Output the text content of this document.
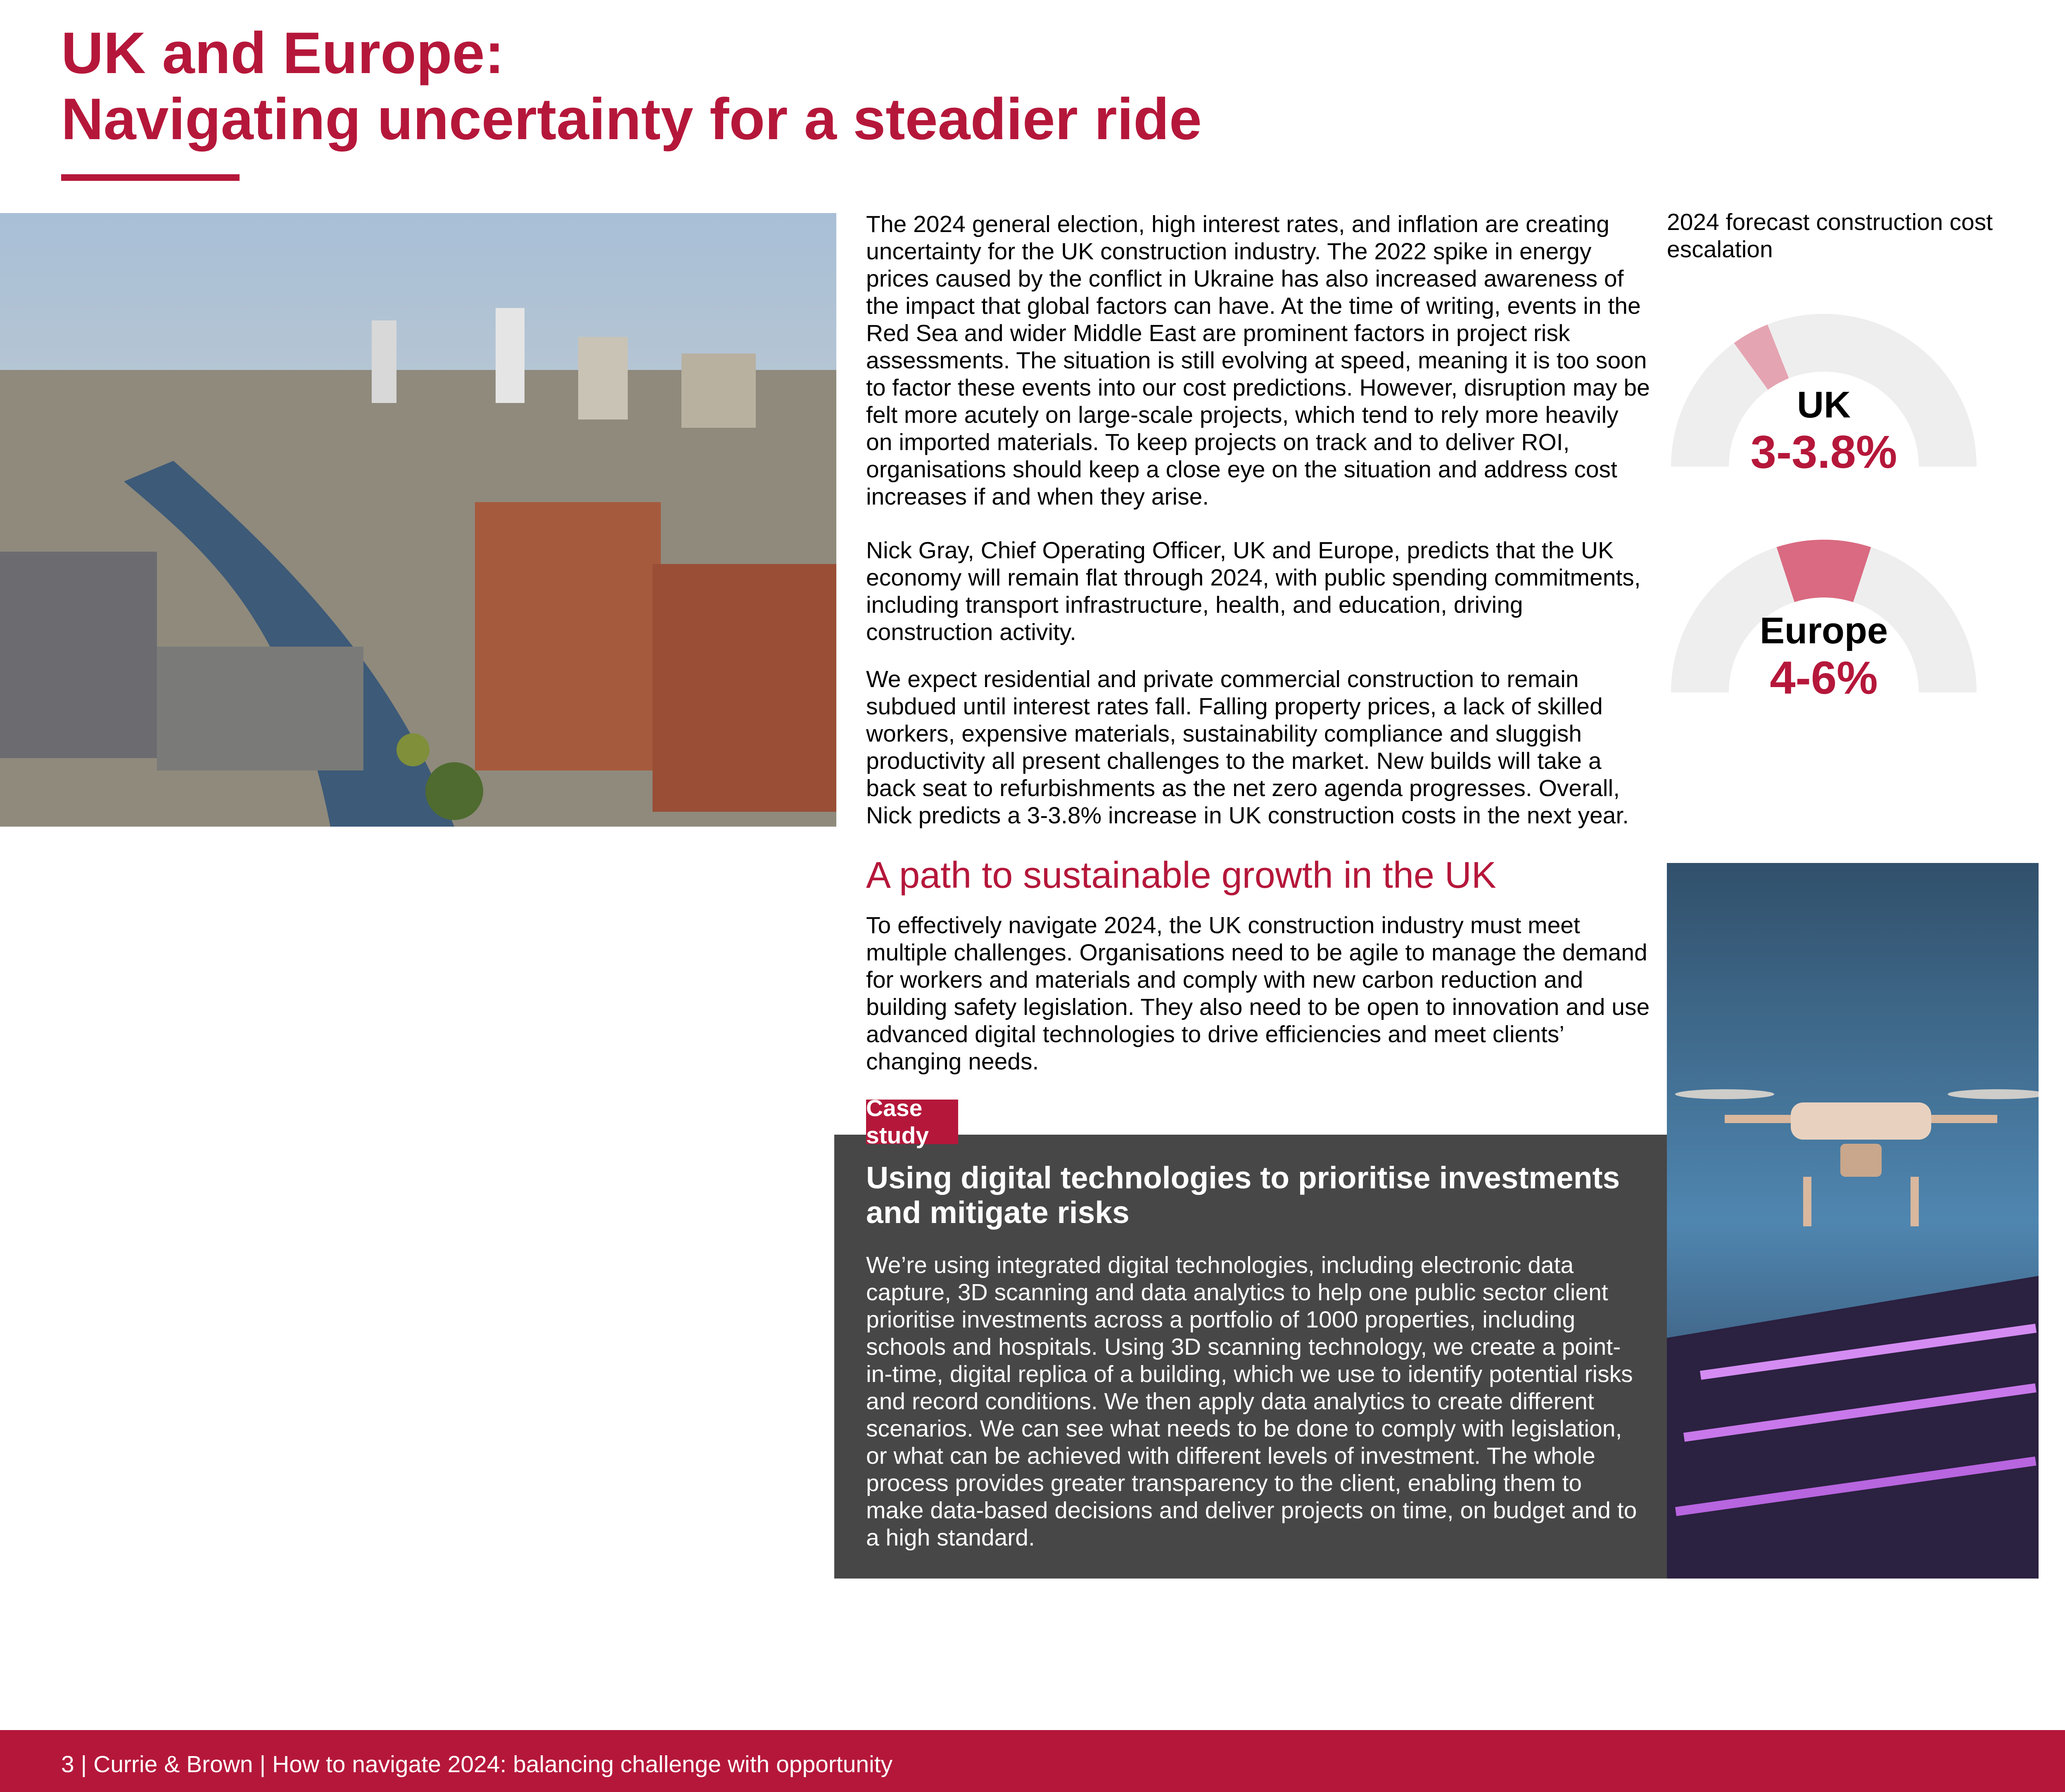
UK and Europe:
Navigating uncertainty for a steadier ride
The 2024 general election, high interest rates, and inflation are creating uncertainty for the UK construction industry. The 2022 spike in energy prices caused by the conflict in Ukraine has also increased awareness of the impact that global factors can have. At the time of writing, events in the Red Sea and wider Middle East are prominent factors in project risk assessments. The situation is still evolving at speed, meaning it is too soon to factor these events into our cost predictions. However, disruption may be felt more acutely on large-scale projects, which tend to rely more heavily on imported materials. To keep projects on track and to deliver ROI, organisations should keep a close eye on the situation and address cost increases if and when they arise.
Nick Gray, Chief Operating Officer, UK and Europe, predicts that the UK economy will remain flat through 2024, with public spending commitments, including transport infrastructure, health, and education, driving construction activity.
We expect residential and private commercial construction to remain subdued until interest rates fall. Falling property prices, a lack of skilled workers, expensive materials, sustainability compliance and sluggish productivity all present challenges to the market. New builds will take a back seat to refurbishments as the net zero agenda progresses. Overall, Nick predicts a 3-3.8% increase in UK construction costs in the next year.
A path to sustainable growth in the UK
To effectively navigate 2024, the UK construction industry must meet multiple challenges. Organisations need to be agile to manage the demand for workers and materials and comply with new carbon reduction and building safety legislation. They also need to be open to innovation and use advanced digital technologies to drive efficiencies and meet clients’ changing needs.
Using digital technologies to prioritise investments and mitigate risks
We’re using integrated digital technologies, including electronic data capture, 3D scanning and data analytics to help one public sector client prioritise investments across a portfolio of 1000 properties, including schools and hospitals. Using 3D scanning technology, we create a point-in-time, digital replica of a building, which we use to identify potential risks and record conditions. We then apply data analytics to create different scenarios. We can see what needs to be done to comply with legislation, or what can be achieved with different levels of investment. The whole process provides greater transparency to the client, enabling them to make data-based decisions and deliver projects on time, on budget and to a high standard.
Case study
2024 forecast construction cost escalation
UK
3-3.8%
Europe
4-6%
3 | Currie & Brown | How to navigate 2024: balancing challenge with opportunity
